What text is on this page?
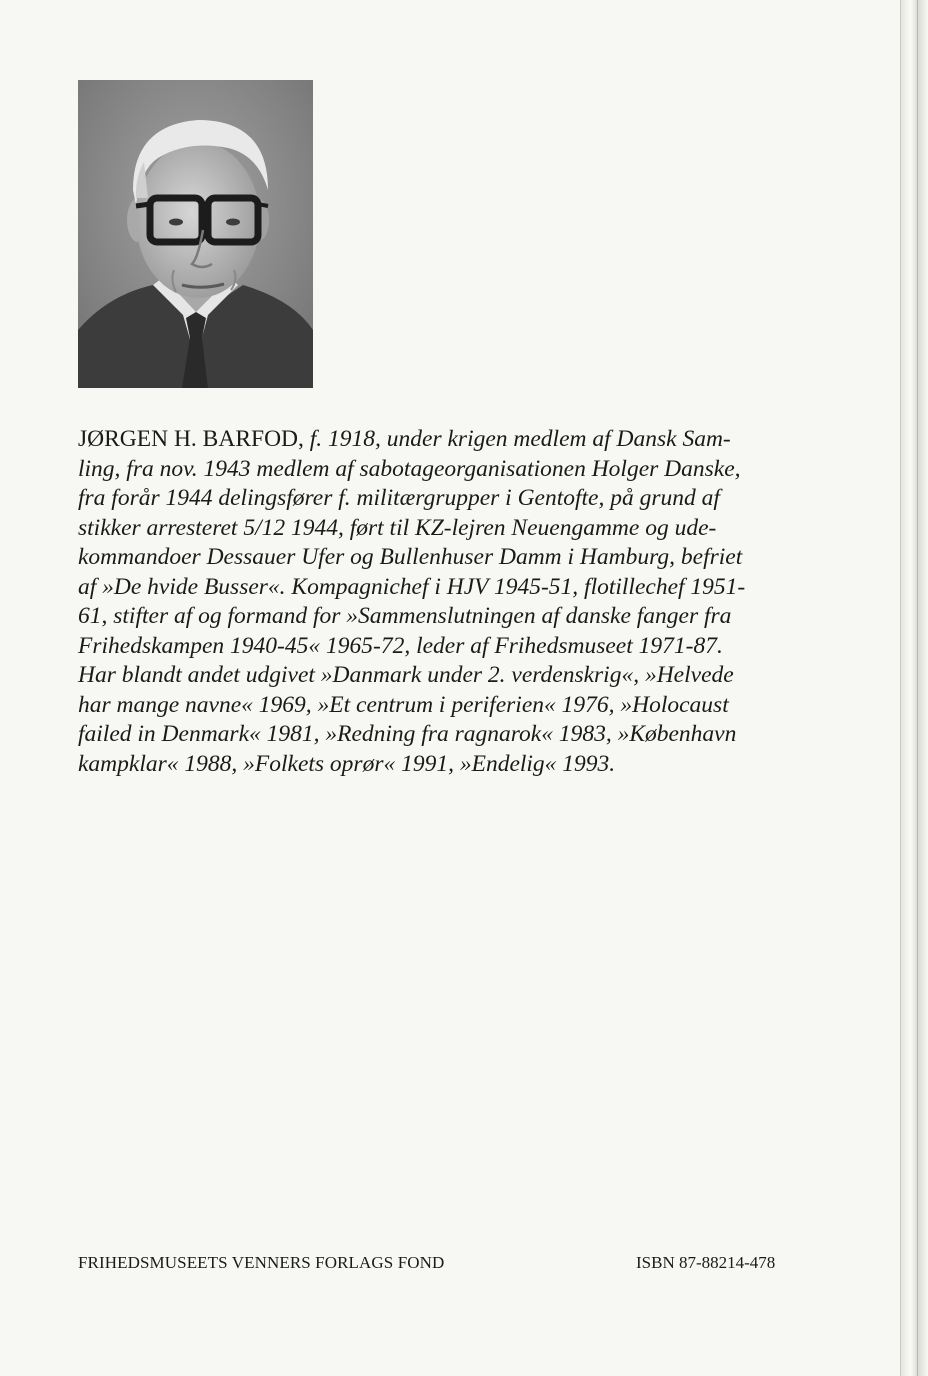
JØRGEN H. BARFOD, f. 1918, under krigen medlem af Dansk Sam-
ling, fra nov. 1943 medlem af sabotageorganisationen Holger Danske,
fra forår 1944 delingsfører f. militærgrupper i Gentofte, på grund af
stikker arresteret 5/12 1944, ført til KZ-lejren Neuengamme og ude-
kommandoer Dessauer Ufer og Bullenhuser Damm i Hamburg, befriet
af »De hvide Busser«. Kompagnichef i HJV 1945-51, flotillechef 1951-
61, stifter af og formand for »Sammenslutningen af danske fanger fra
Frihedskampen 1940-45« 1965-72, leder af Frihedsmuseet 1971-87.
Har blandt andet udgivet »Danmark under 2. verdenskrig«, »Helvede
har mange navne« 1969, »Et centrum i periferien« 1976, »Holocaust
failed in Denmark« 1981, »Redning fra ragnarok« 1983, »København
kampklar« 1988, »Folkets oprør« 1991, »Endelig« 1993.
FRIHEDSMUSEETS VENNERS FORLAGS FOND	ISBN 87-88214-478
